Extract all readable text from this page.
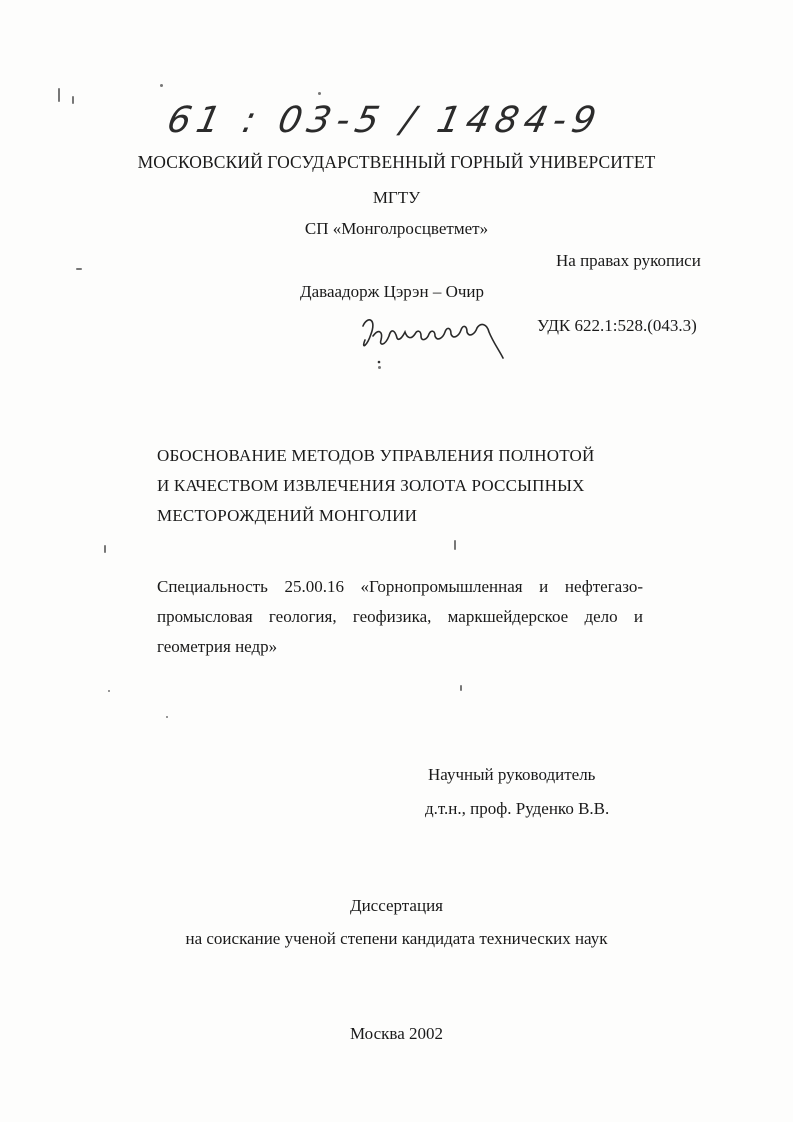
61 : 03-5 / 1484-9
МОСКОВСКИЙ ГОСУДАРСТВЕННЫЙ ГОРНЫЙ УНИВЕРСИТЕТ
МГТУ
СП «Монголросцветмет»
На правах рукописи
Даваадорж Цэрэн – Очир
УДК 622.1:528.(043.3)
ОБОСНОВАНИЕ МЕТОДОВ УПРАВЛЕНИЯ ПОЛНОТОЙ
И КАЧЕСТВОМ ИЗВЛЕЧЕНИЯ ЗОЛОТА РОССЫПНЫХ
МЕСТОРОЖДЕНИЙ МОНГОЛИИ
Специальность 25.00.16 «Горнопромышленная и нефтегазо-
промысловая геология, геофизика, маркшейдерское дело и
геометрия недр»
Научный руководитель
д.т.н., проф. Руденко В.В.
Диссертация
на соискание ученой степени кандидата технических наук
Москва 2002
